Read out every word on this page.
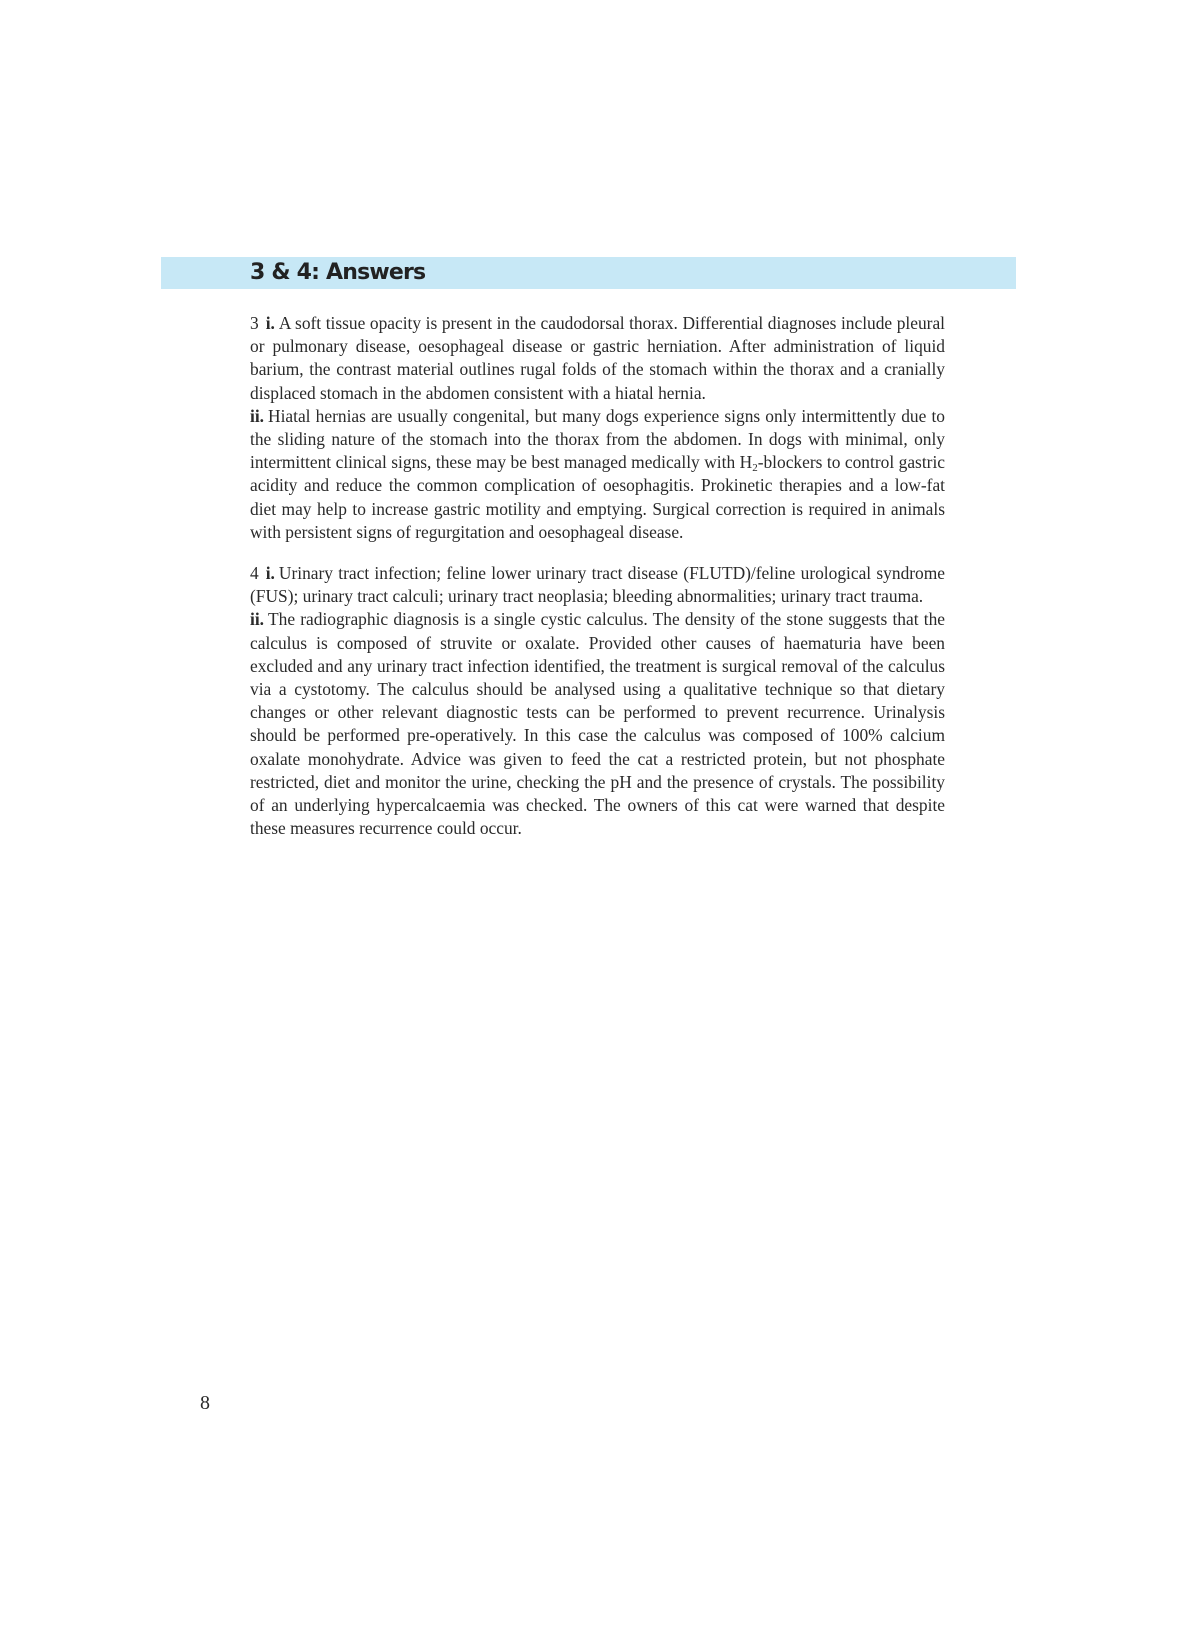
3 & 4: Answers

3 i. A soft tissue opacity is present in the caudodorsal thorax. Differential diagnoses include pleural or pulmonary disease, oesophageal disease or gastric herniation. After administration of liquid barium, the contrast material outlines rugal folds of the stomach within the thorax and a cranially displaced stomach in the abdomen consistent with a hiatal hernia.

ii. Hiatal hernias are usually congenital, but many dogs experience signs only intermittently due to the sliding nature of the stomach into the thorax from the abdomen. In dogs with minimal, only intermittent clinical signs, these may be best managed medically with $H_2$-blockers to control gastric acidity and reduce the common complication of oesophagitis. Prokinetic therapies and a low-fat diet may help to increase gastric motility and emptying. Surgical correction is required in animals with persistent signs of regurgitation and oesophageal disease.

4 i. Urinary tract infection; feline lower urinary tract disease (FLUTD)/feline urological syndrome (FUS); urinary tract calculi; urinary tract neoplasia; bleeding abnormalities; urinary tract trauma.

ii. The radiographic diagnosis is a single cystic calculus. The density of the stone suggests that the calculus is composed of struvite or oxalate. Provided other causes of haematuria have been excluded and any urinary tract infection identified, the treatment is surgical removal of the calculus via a cystotomy. The calculus should be analysed using a qualitative technique so that dietary changes or other relevant diagnostic tests can be performed to prevent recurrence. Urinalysis should be performed pre-operatively. In this case the calculus was composed of 100% calcium oxalate monohydrate. Advice was given to feed the cat a restricted protein, but not phosphate restricted, diet and monitor the urine, checking the pH and the presence of crystals. The possibility of an underlying hypercalcaemia was checked. The owners of this cat were warned that despite these measures recurrence could occur.

8
